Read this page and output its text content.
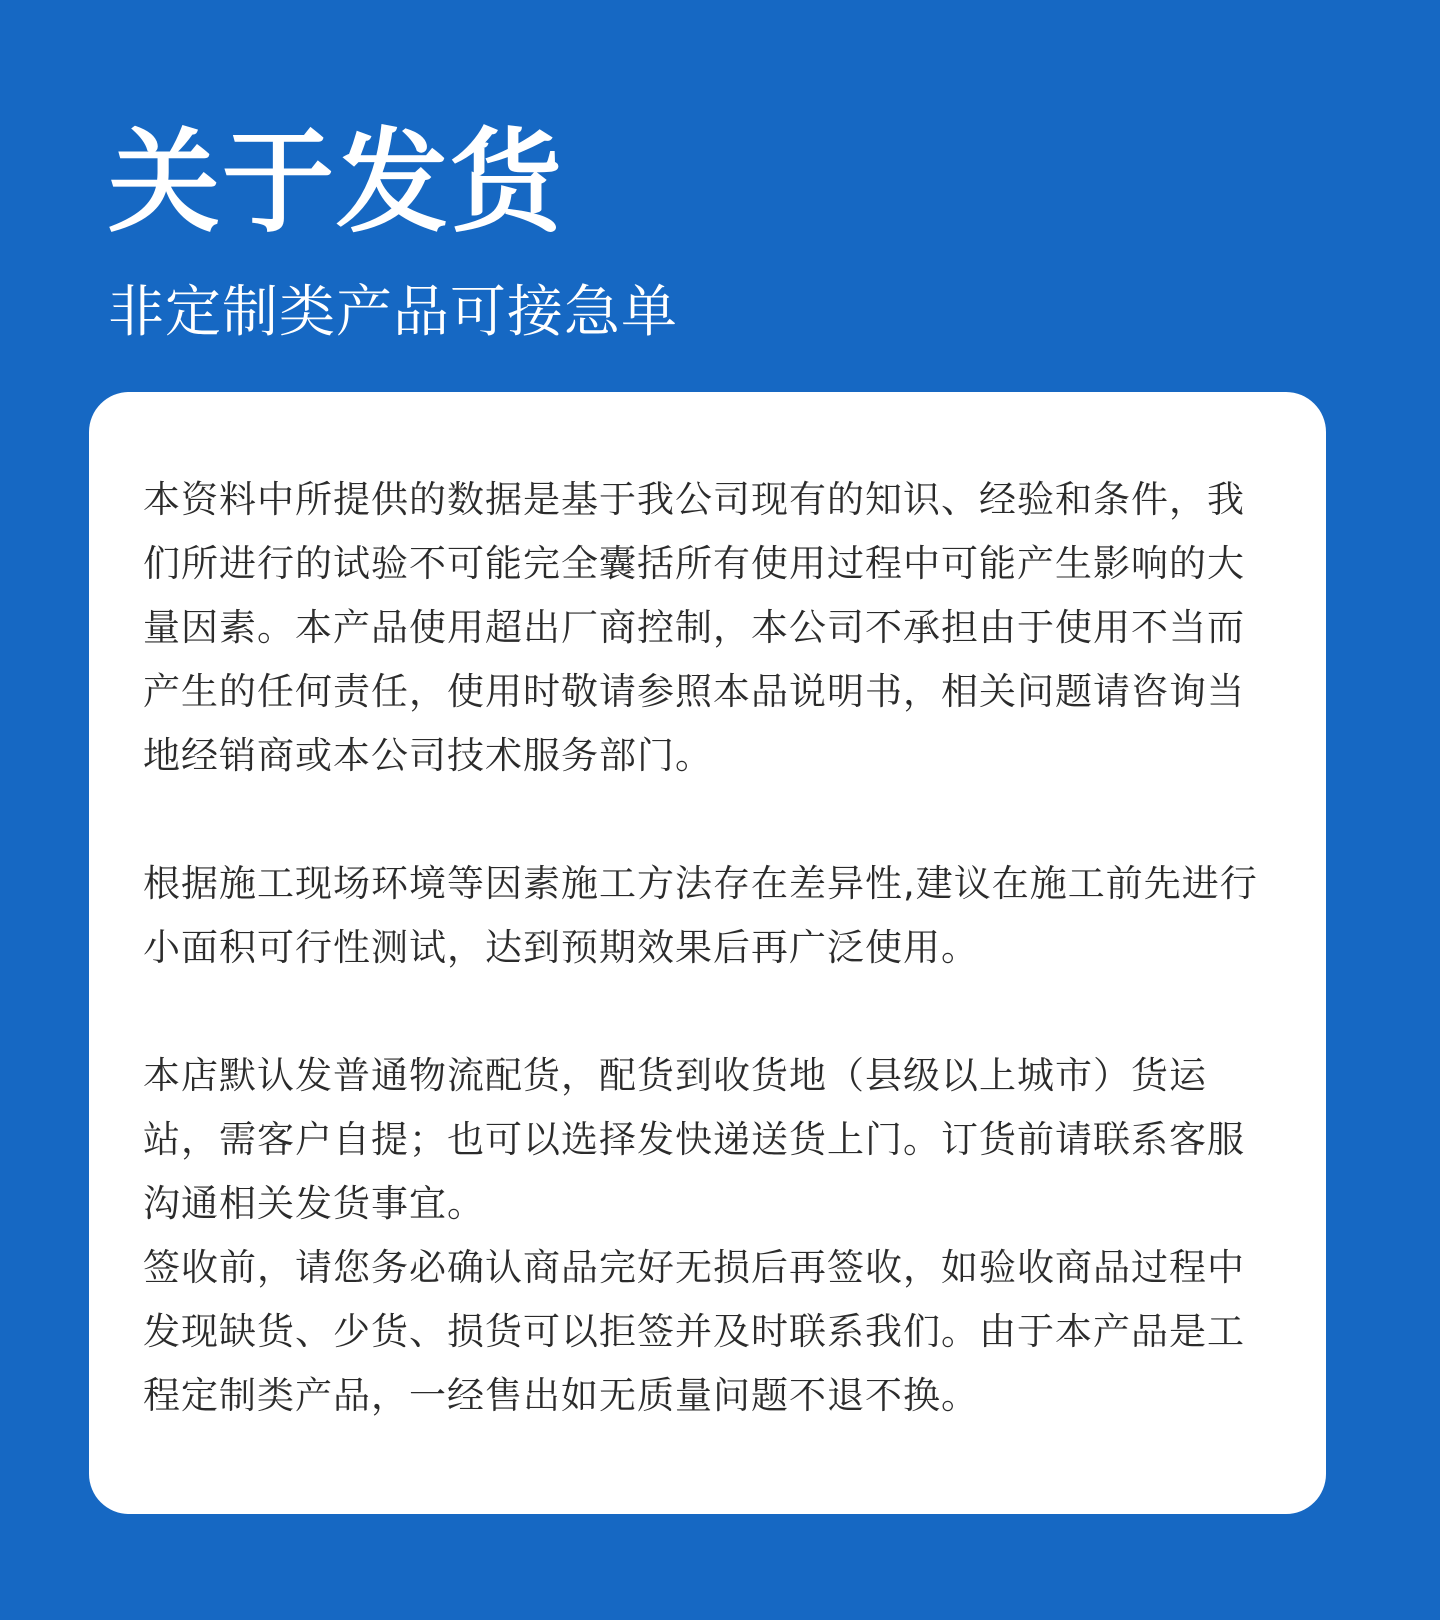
关于发货
非定制类产品可接急单

本资料中所提供的数据是基于我公司现有的知识、经验和条件，我们所进行的试验不可能完全囊括所有使用过程中可能产生影响的大量因素。本产品使用超出厂商控制，本公司不承担由于使用不当而产生的任何责任，使用时敬请参照本品说明书，相关问题请咨询当地经销商或本公司技术服务部门。

根据施工现场环境等因素施工方法存在差异性,建议在施工前先进行小面积可行性测试，达到预期效果后再广泛使用。

本店默认发普通物流配货，配货到收货地（县级以上城市）货运站，需客户自提；也可以选择发快递送货上门。订货前请联系客服沟通相关发货事宜。

签收前，请您务必确认商品完好无损后再签收，如验收商品过程中发现缺货、少货、损货可以拒签并及时联系我们。由于本产品是工程定制类产品，一经售出如无质量问题不退不换。
